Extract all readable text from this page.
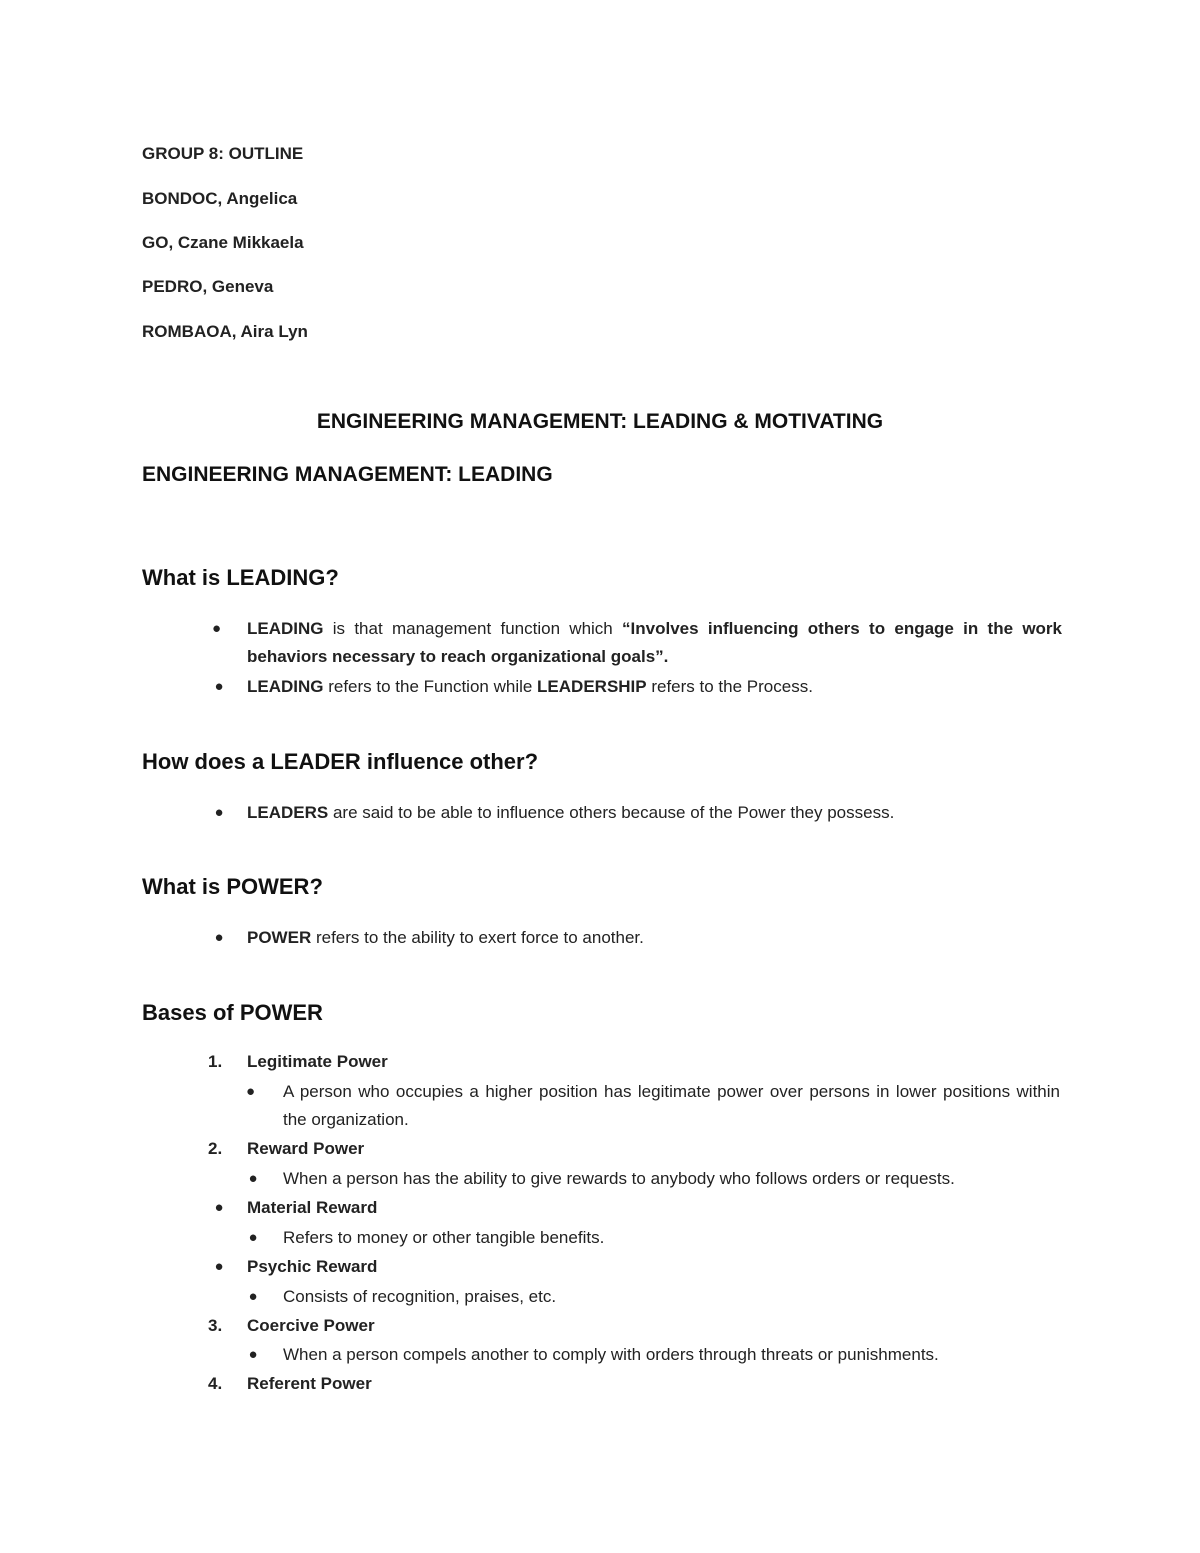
GROUP 8: OUTLINE
BONDOC, Angelica
GO, Czane Mikkaela
PEDRO, Geneva
ROMBAOA, Aira Lyn
ENGINEERING MANAGEMENT: LEADING & MOTIVATING
ENGINEERING MANAGEMENT: LEADING
What is LEADING?
● LEADING is that management function which “Involves influencing others to engage in the work behaviors necessary to reach organizational goals”.
● LEADING refers to the Function while LEADERSHIP refers to the Process.
How does a LEADER influence other?
● LEADERS are said to be able to influence others because of the Power they possess.
What is POWER?
● POWER refers to the ability to exert force to another.
Bases of POWER
1. Legitimate Power
● A person who occupies a higher position has legitimate power over persons in lower positions within the organization.
2. Reward Power
● When a person has the ability to give rewards to anybody who follows orders or requests.
● Material Reward
● Refers to money or other tangible benefits.
● Psychic Reward
● Consists of recognition, praises, etc.
3. Coercive Power
● When a person compels another to comply with orders through threats or punishments.
4. Referent Power
